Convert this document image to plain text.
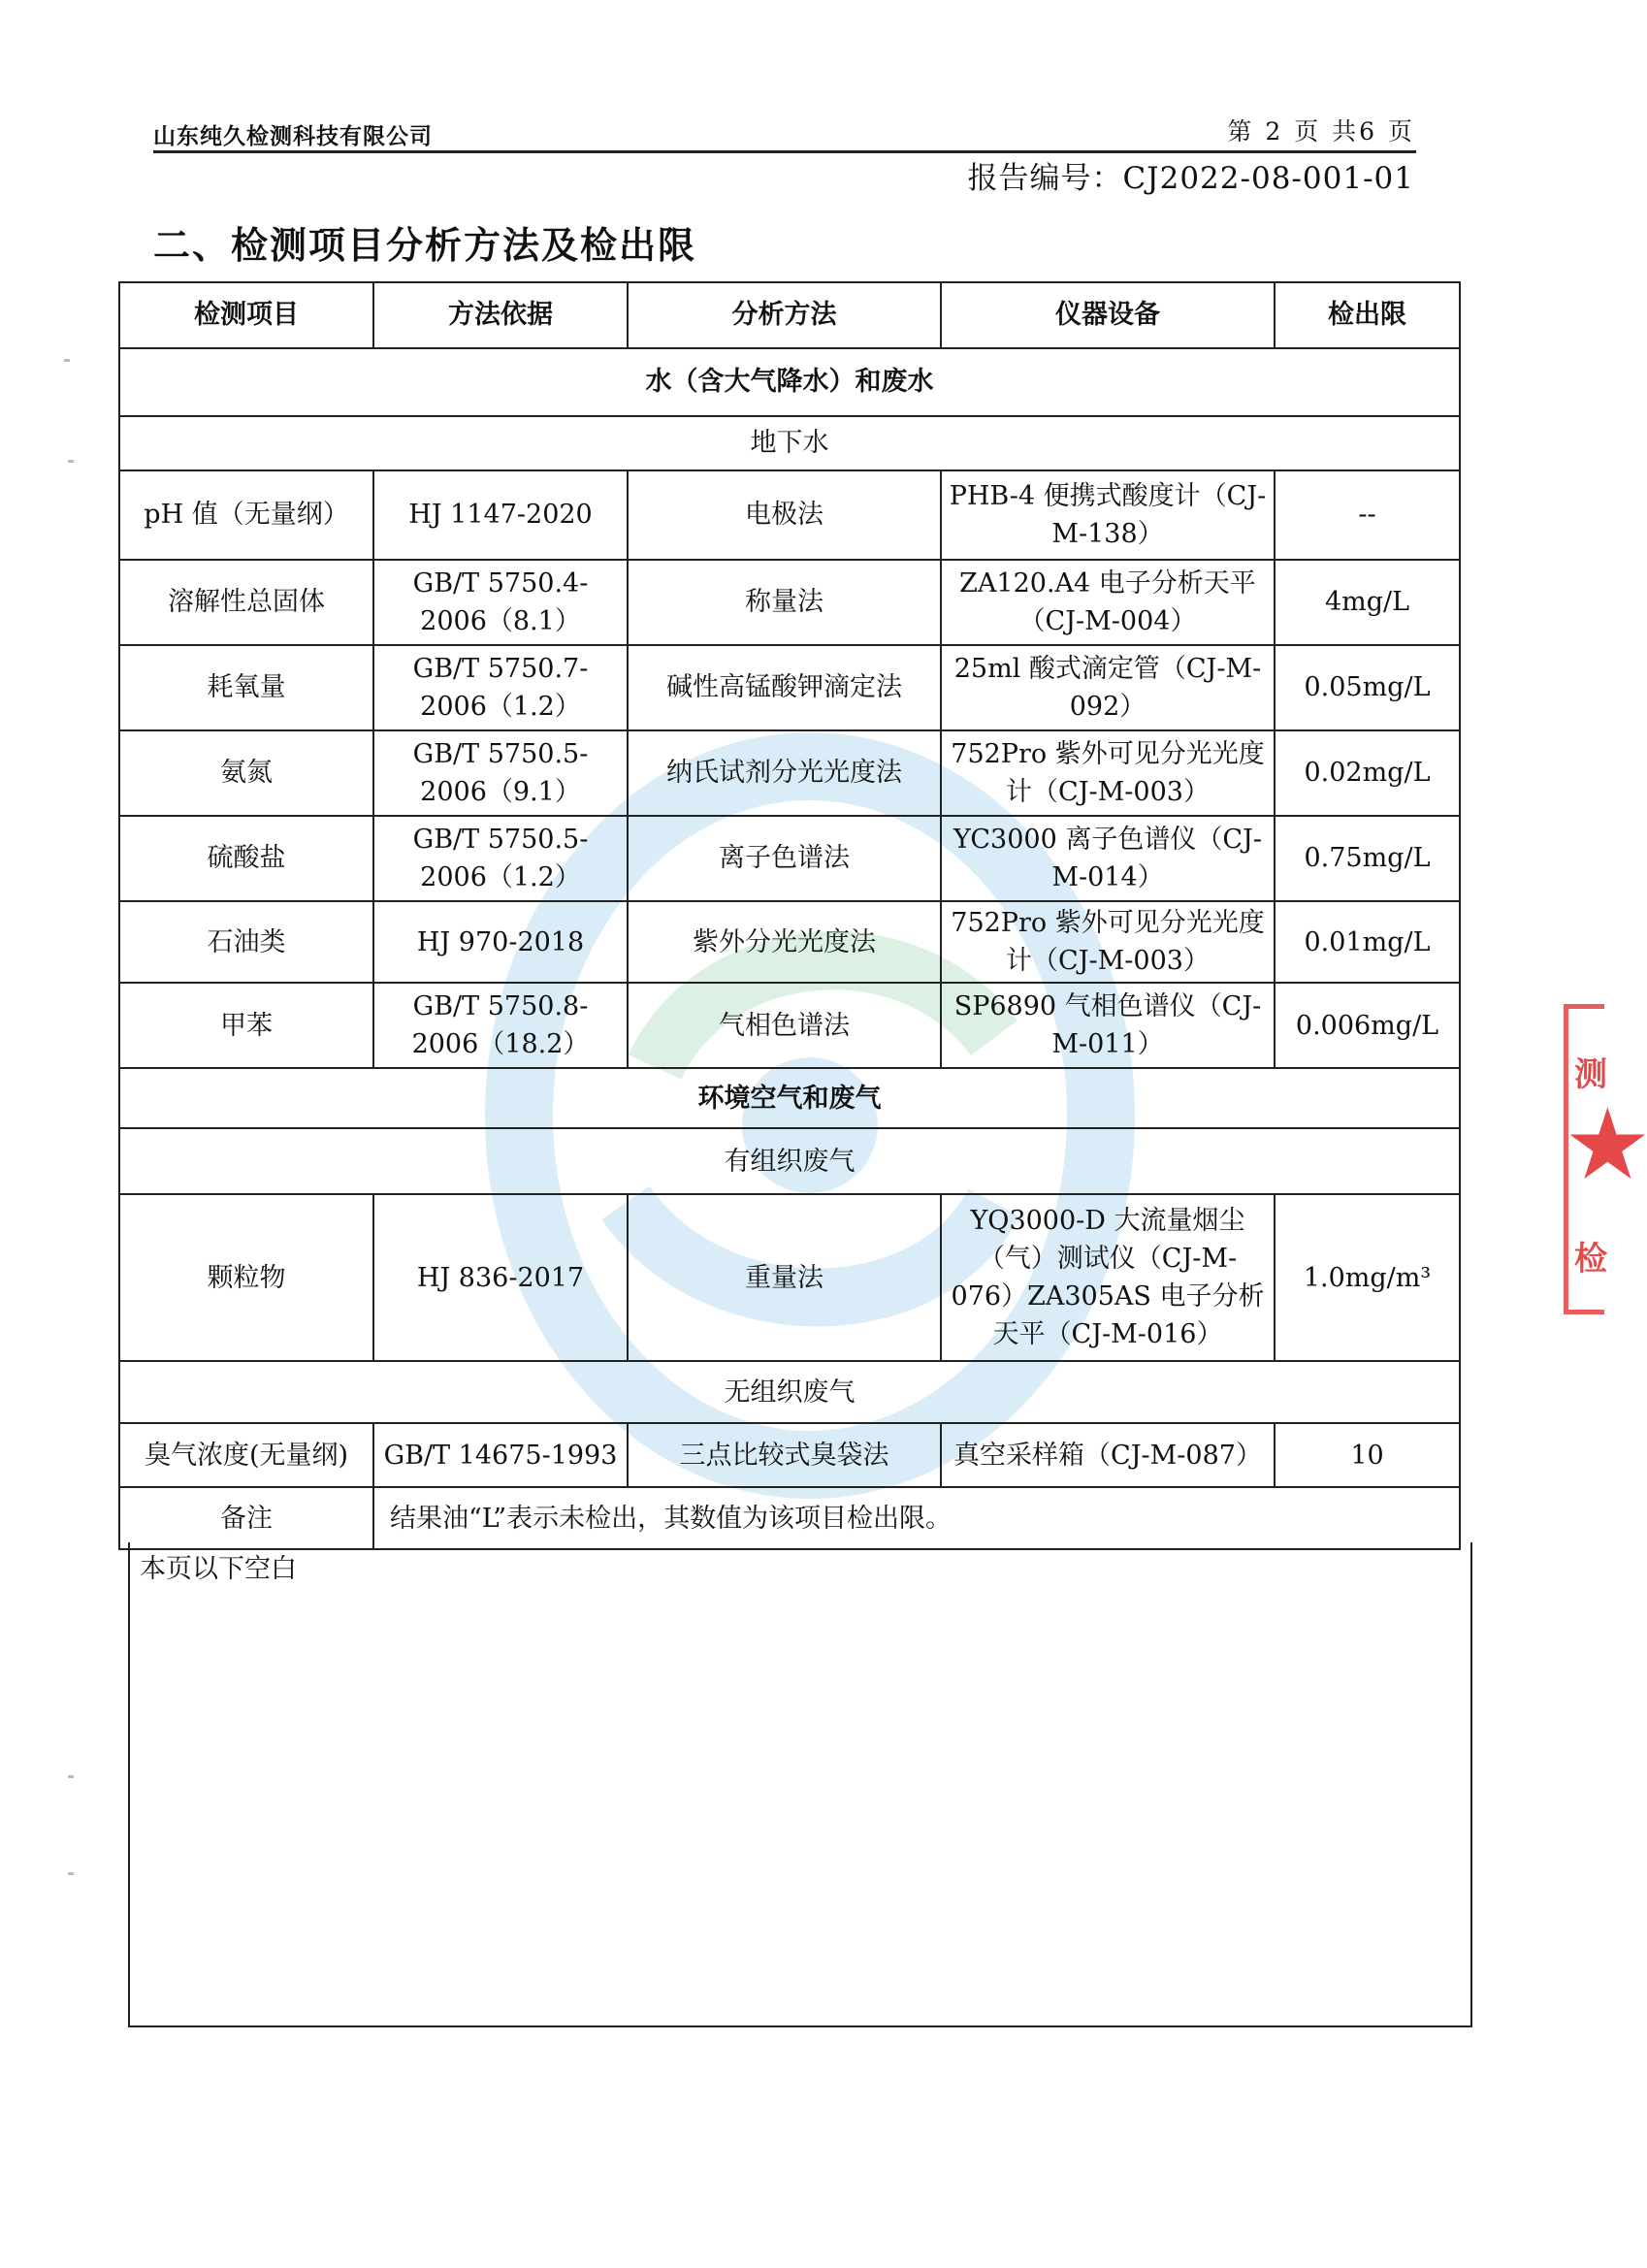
山东纯久检测科技有限公司	第 2 页 共6 页
报告编号：CJ2022-08-001-01
二、检测项目分析方法及检出限
检测项目	方法依据	分析方法	仪器设备	检出限
水（含大气降水）和废水				
地下水				
pH 值（无量纲）	HJ 1147-2020	电极法	PHB-4 便携式酸度计（CJ-M-138）	--
溶解性总固体	GB/T 5750.4-2006（8.1）	称量法	ZA120.A4 电子分析天平（CJ-M-004）	4mg/L
耗氧量	GB/T 5750.7-2006（1.2）	碱性高锰酸钾滴定法	25ml 酸式滴定管（CJ-M-092）	0.05mg/L
氨氮	GB/T 5750.5-2006（9.1）	纳氏试剂分光光度法	752Pro 紫外可见分光光度计（CJ-M-003）	0.02mg/L
硫酸盐	GB/T 5750.5-2006（1.2）	离子色谱法	YC3000 离子色谱仪（CJ-M-014）	0.75mg/L
石油类	HJ 970-2018	紫外分光光度法	752Pro 紫外可见分光光度计（CJ-M-003）	0.01mg/L
甲苯	GB/T 5750.8-2006（18.2）	气相色谱法	SP6890 气相色谱仪（CJ-M-011）	0.006mg/L
环境空气和废气				
有组织废气				
颗粒物	HJ 836-2017	重量法	YQ3000-D 大流量烟尘（气）测试仪（CJ-M-076）ZA305AS 电子分析天平（CJ-M-016）	1.0mg/m³
无组织废气				
臭气浓度(无量纲)	GB/T 14675-1993	三点比较式臭袋法	真空采样箱（CJ-M-087）	10
备注	结果油“L”表示未检出，其数值为该项目检出限。			
本页以下空白
测
★
检
